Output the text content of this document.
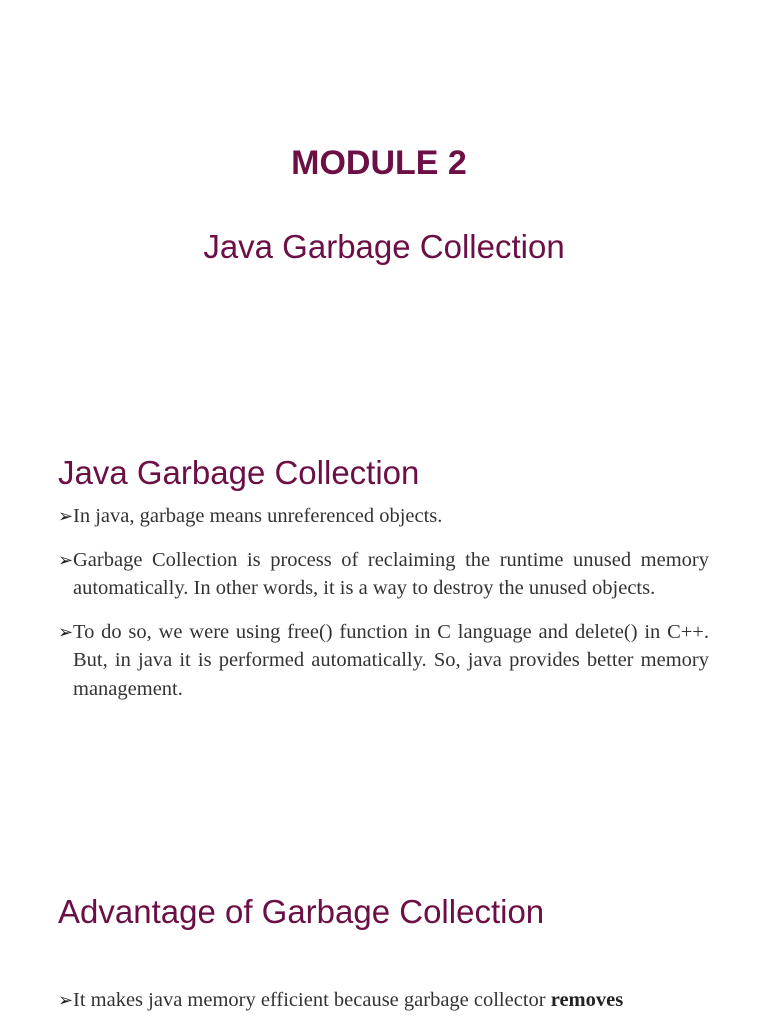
MODULE 2
Java Garbage Collection
Java Garbage Collection
➢ In java, garbage means unreferenced objects.
➢ Garbage Collection is process of reclaiming the runtime unused memory automatically. In other words, it is a way to destroy the unused objects.
➢ To do so, we were using free() function in C language and delete() in C++. But, in java it is performed automatically. So, java provides better memory management.
Advantage of Garbage Collection
➢ It makes java memory efficient because garbage collector removes
